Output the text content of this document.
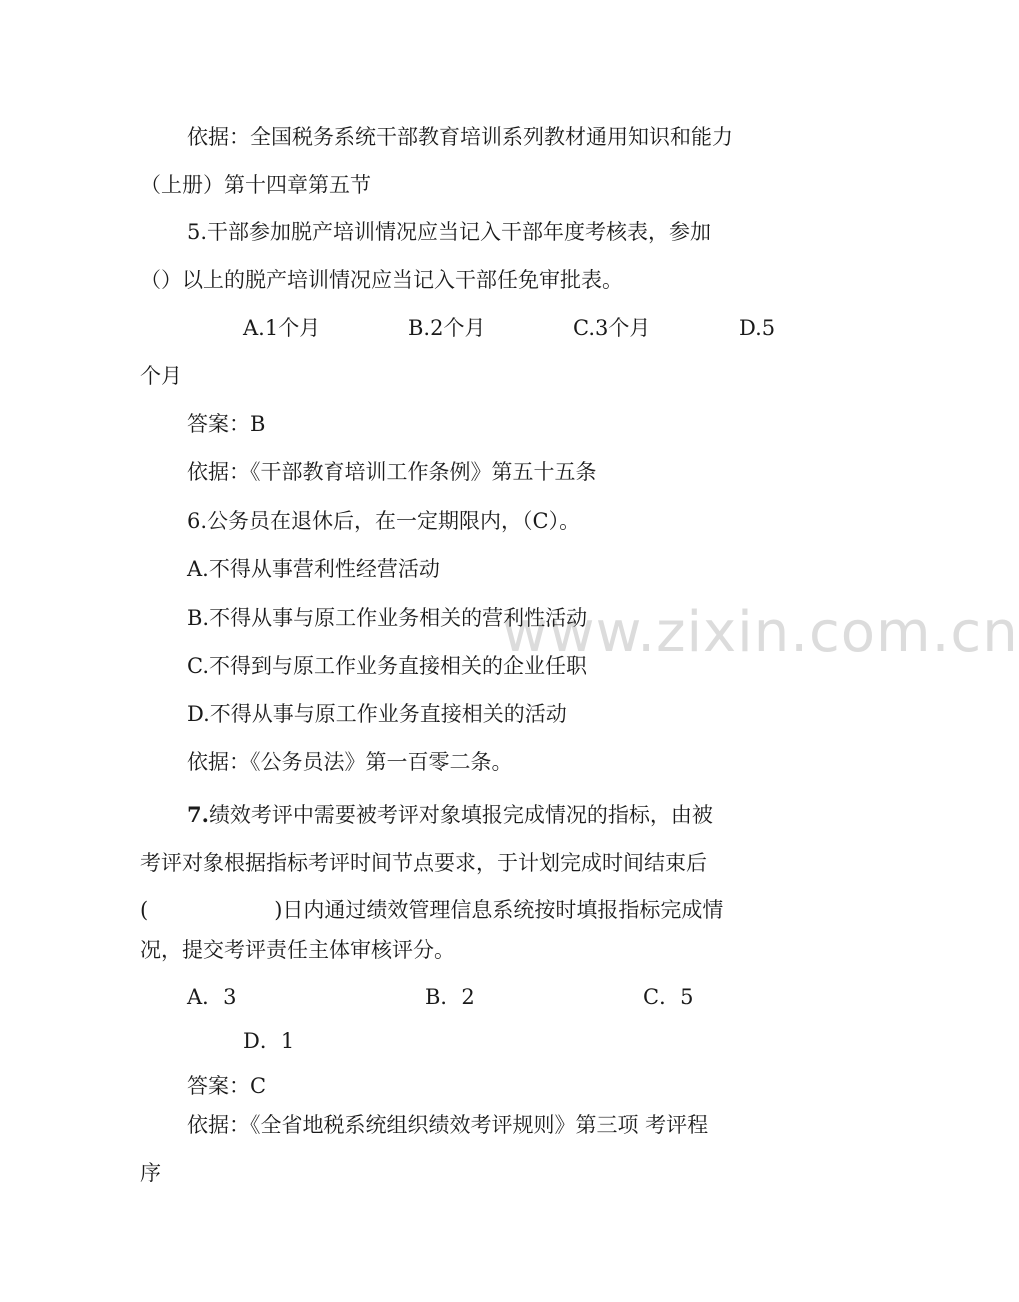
www.zixin.com.cn
依据：全国税务系统干部教育培训系列教材通用知识和能力
（上册）第十四章第五节
5.干部参加脱产培训情况应当记入干部年度考核表，参加
（）以上的脱产培训情况应当记入干部任免审批表。
A.1个月	B.2个月	C.3个月	D.5
个月
答案：B
依据：《干部教育培训工作条例》第五十五条
6.公务员在退休后，在一定期限内，（C）。
A.不得从事营利性经营活动
B.不得从事与原工作业务相关的营利性活动
C.不得到与原工作业务直接相关的企业任职
D.不得从事与原工作业务直接相关的活动
依据：《公务员法》第一百零二条。
7.绩效考评中需要被考评对象填报完成情况的指标，由被
考评对象根据指标考评时间节点要求，于计划完成时间结束后
(　　　　　　)日内通过绩效管理信息系统按时填报指标完成情
况，提交考评责任主体审核评分。
A．3	B．2	C．5
D．1
答案：C
依据：《全省地税系统组织绩效考评规则》第三项 考评程
序
